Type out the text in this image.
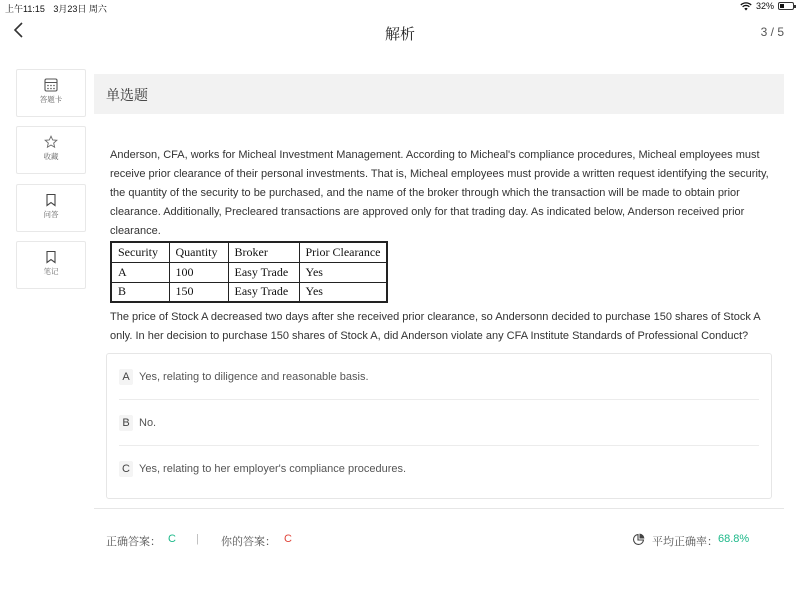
上午11:15 3月23日 周六	32%
解析	3 / 5
答题卡
收藏
问答
笔记
单选题
Anderson, CFA, works for Micheal Investment Management. According to Micheal's compliance procedures, Micheal employees must receive prior clearance of their personal investments. That is, Micheal employees must provide a written request identifying the security, the quantity of the security to be purchased, and the name of the broker through which the transaction will be made to obtain prior clearance. Additionally, Precleared transactions are approved only for that trading day. As indicated below, Anderson received prior clearance.
Security	Quantity	Broker	Prior Clearance
A	100	Easy Trade	Yes
B	150	Easy Trade	Yes
The price of Stock A decreased two days after she received prior clearance, so Andersonn decided to purchase 150 shares of Stock A only. In her decision to purchase 150 shares of Stock A, did Anderson violate any CFA Institute Standards of Professional Conduct?
A Yes, relating to diligence and reasonable basis.
B No.
C Yes, relating to her employer's compliance procedures.
正确答案： C | 你的答案： C	平均正确率： 68.8%
